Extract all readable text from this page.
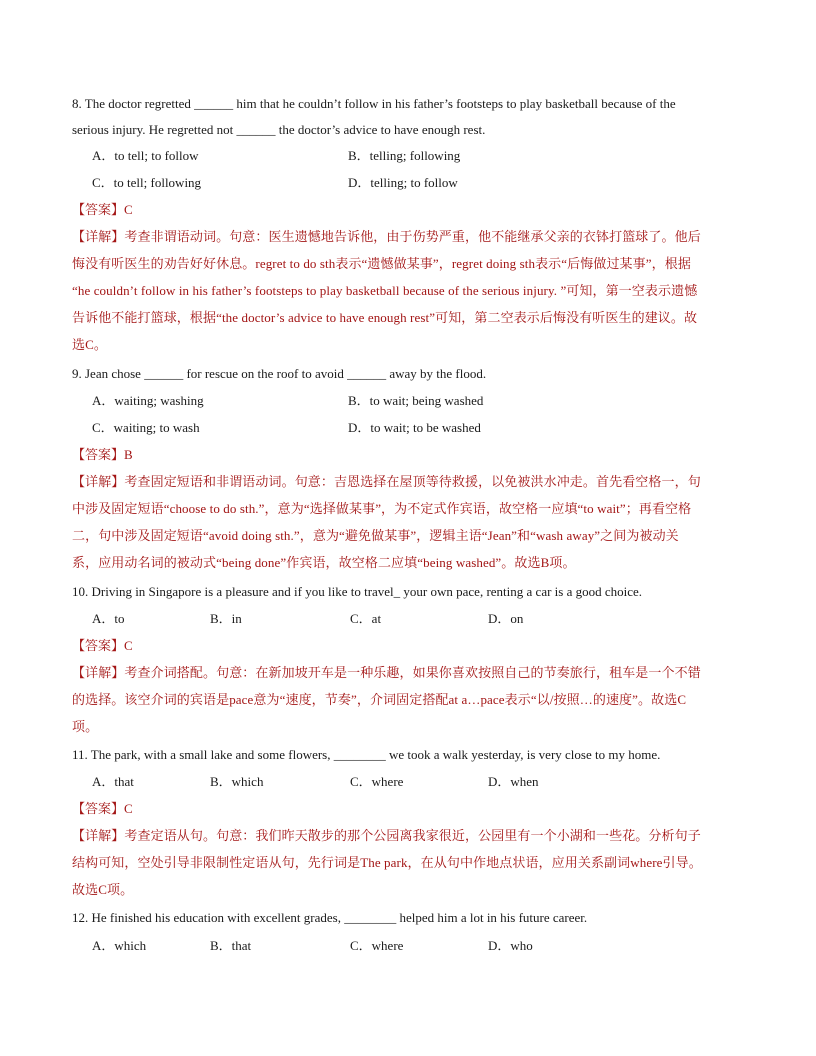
8. The doctor regretted ______ him that he couldn’t follow in his father’s footsteps to play basketball because of the
serious injury. He regretted not ______ the doctor’s advice to have enough rest.
A．to tell; to follow	B．telling; following
C．to tell; following	D．telling; to follow
【答案】C
【详解】考查非谓语动词。句意：医生遗憾地告诉他，由于伤势严重，他不能继承父亲的衣钵打篮球了。他后
悔没有听医生的劝告好好休息。regret to do sth表示“遗憾做某事”，regret doing sth表示“后悔做过某事”，根据
“he couldn’t follow in his father’s footsteps to play basketball because of the serious injury. ”可知，第一空表示遗憾
告诉他不能打篮球，根据“the doctor’s advice to have enough rest”可知，第二空表示后悔没有听医生的建议。故
选C。
9. Jean chose ______ for rescue on the roof to avoid ______ away by the flood.
A．waiting; washing	B．to wait; being washed
C．waiting; to wash	D．to wait; to be washed
【答案】B
【详解】考查固定短语和非谓语动词。句意：吉恩选择在屋顶等待救援，以免被洪水冲走。首先看空格一，句
中涉及固定短语“choose to do sth.”，意为“选择做某事”，为不定式作宾语，故空格一应填“to wait”；再看空格
二，句中涉及固定短语“avoid doing sth.”，意为“避免做某事”，逻辑主语“Jean”和“wash away”之间为被动关
系，应用动名词的被动式“being done”作宾语，故空格二应填“being washed”。故选B项。
10. Driving in Singapore is a pleasure and if you like to travel_ your own pace, renting a car is a good choice.
A．to	B．in	C．at	D．on
【答案】C
【详解】考查介词搭配。句意：在新加坡开车是一种乐趣，如果你喜欢按照自己的节奏旅行，租车是一个不错
的选择。该空介词的宾语是pace意为“速度，节奏”，介词固定搭配at a…pace表示“以/按照…的速度”。故选C
项。
11. The park, with a small lake and some flowers, ________ we took a walk yesterday, is very close to my home.
A．that	B．which	C．where	D．when
【答案】C
【详解】考查定语从句。句意：我们昨天散步的那个公园离我家很近，公园里有一个小湖和一些花。分析句子
结构可知，空处引导非限制性定语从句，先行词是The park，在从句中作地点状语，应用关系副词where引导。
故选C项。
12. He finished his education with excellent grades, ________ helped him a lot in his future career.
A．which	B．that	C．where	D．who
